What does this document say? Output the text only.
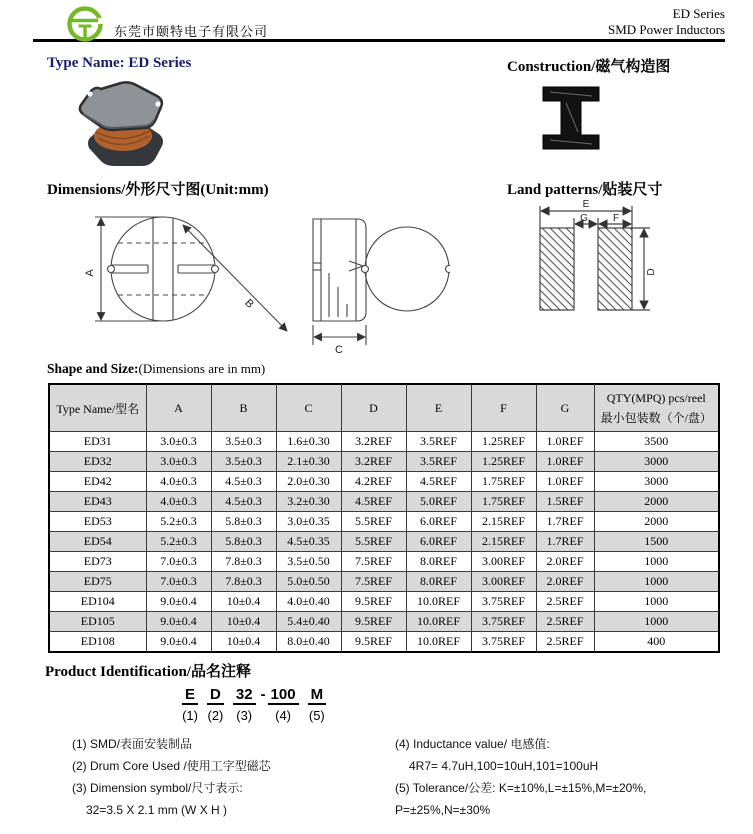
东莞市颐特电子有限公司
ED Series
SMD Power Inductors
Type Name: ED Series	Construction/磁气构造图
Dimensions/外形尺寸图(Unit:mm)
A
B
C
Land patterns/贴装尺寸
E
G	F
D
Shape and Size:(Dimensions are in mm)
Type Name/型名	A	B	C	D	E	F	G	QTY(MPQ) pcs/reel
最小包装数（个/盘）

ED31	3.0±0.3	3.5±0.3	1.6±0.30	3.2REF	3.5REF	1.25REF	1.0REF	3500
ED32	3.0±0.3	3.5±0.3	2.1±0.30	3.2REF	3.5REF	1.25REF	1.0REF	3000
ED42	4.0±0.3	4.5±0.3	2.0±0.30	4.2REF	4.5REF	1.75REF	1.0REF	3000
ED43	4.0±0.3	4.5±0.3	3.2±0.30	4.5REF	5.0REF	1.75REF	1.5REF	2000
ED53	5.2±0.3	5.8±0.3	3.0±0.35	5.5REF	6.0REF	2.15REF	1.7REF	2000
ED54	5.2±0.3	5.8±0.3	4.5±0.35	5.5REF	6.0REF	2.15REF	1.7REF	1500
ED73	7.0±0.3	7.8±0.3	3.5±0.50	7.5REF	8.0REF	3.00REF	2.0REF	1000
ED75	7.0±0.3	7.8±0.3	5.0±0.50	7.5REF	8.0REF	3.00REF	2.0REF	1000
ED104	9.0±0.4	10±0.4	4.0±0.40	9.5REF	10.0REF	3.75REF	2.5REF	1000
ED105	9.0±0.4	10±0.4	5.4±0.40	9.5REF	10.0REF	3.75REF	2.5REF	1000
ED108	9.0±0.4	10±0.4	8.0±0.40	9.5REF	10.0REF	3.75REF	2.5REF	400
Product Identification/品名注释
E
(1)
D
(2)
32
(3)
- 100
(4)
M
(5)
(1) SMD/表面安装制品
(2) Drum Core Used /使用工字型磁芯
(3) Dimension symbol/尺寸表示:
32=3.5 X 2.1 mm (W X H )
(4) Inductance value/ 电感值:
4R7= 4.7uH,100=10uH,101=100uH
(5) Tolerance/公差: K=±10%,L=±15%,M=±20%,
P=±25%,N=±30%
